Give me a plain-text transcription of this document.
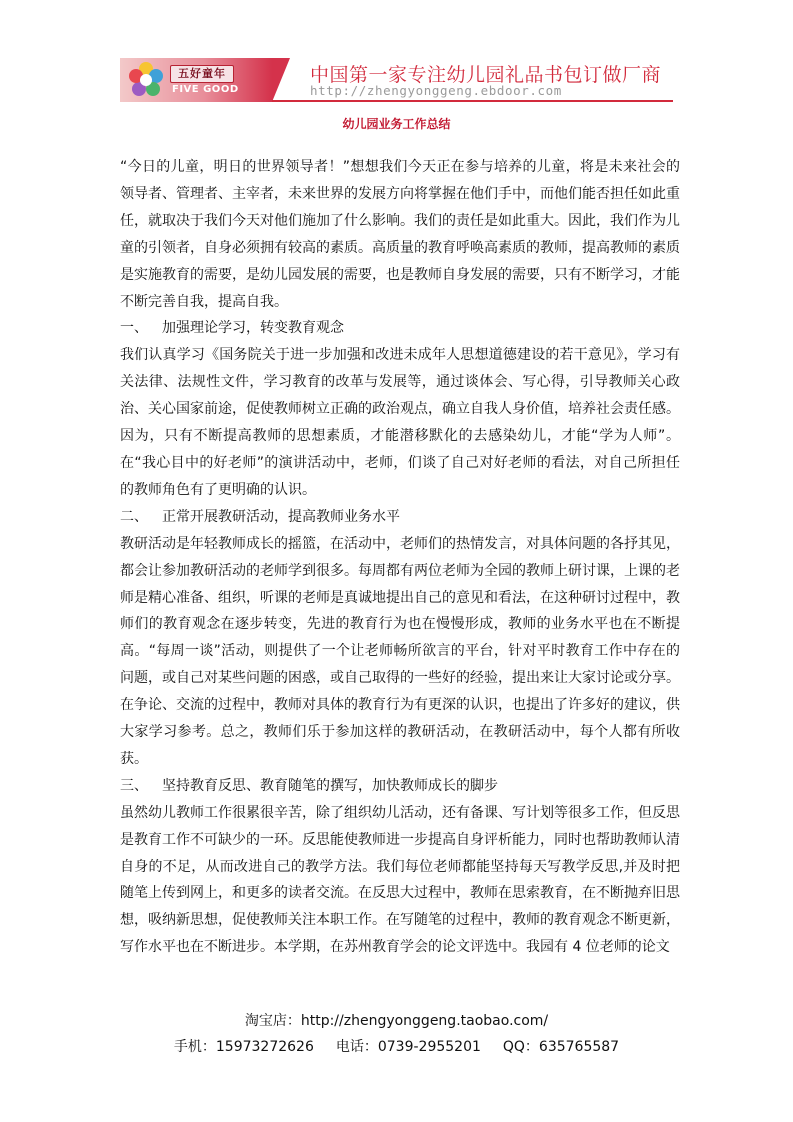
五好童年
FIVE GOOD
中国第一家专注幼儿园礼品书包订做厂商
http://zhengyonggeng.ebdoor.com
幼儿园业务工作总结

“今日的儿童，明日的世界领导者！”想想我们今天正在参与培养的儿童，将是未来社会的领导者、管理者、主宰者，未来世界的发展方向将掌握在他们手中，而他们能否担任如此重任，就取决于我们今天对他们施加了什么影响。我们的责任是如此重大。因此，我们作为儿童的引领者，自身必须拥有较高的素质。高质量的教育呼唤高素质的教师，提高教师的素质是实施教育的需要，是幼儿园发展的需要，也是教师自身发展的需要，只有不断学习，才能不断完善自我，提高自我。

一、 加强理论学习，转变教育观念

我们认真学习《国务院关于进一步加强和改进未成年人思想道德建设的若干意见》，学习有关法律、法规性文件，学习教育的改革与发展等，通过谈体会、写心得，引导教师关心政治、关心国家前途，促使教师树立正确的政治观点，确立自我人身价值，培养社会责任感。因为，只有不断提高教师的思想素质，才能潜移默化的去感染幼儿，才能“学为人师”。 在“我心目中的好老师”的演讲活动中，老师，们谈了自己对好老师的看法，对自己所担任的教师角色有了更明确的认识。

二、 正常开展教研活动，提高教师业务水平

教研活动是年轻教师成长的摇篮，在活动中，老师们的热情发言，对具体问题的各抒其见，都会让参加教研活动的老师学到很多。每周都有两位老师为全园的教师上研讨课，上课的老师是精心准备、组织，听课的老师是真诚地提出自己的意见和看法，在这种研讨过程中，教师们的教育观念在逐步转变，先进的教育行为也在慢慢形成，教师的业务水平也在不断提高。“每周一谈”活动，则提供了一个让老师畅所欲言的平台，针对平时教育工作中存在的问题，或自己对某些问题的困惑，或自己取得的一些好的经验，提出来让大家讨论或分享。在争论、交流的过程中，教师对具体的教育行为有更深的认识，也提出了许多好的建议，供大家学习参考。总之，教师们乐于参加这样的教研活动，在教研活动中，每个人都有所收获。

三、 坚持教育反思、教育随笔的撰写，加快教师成长的脚步

虽然幼儿教师工作很累很辛苦，除了组织幼儿活动，还有备课、写计划等很多工作，但反思是教育工作不可缺少的一环。反思能使教师进一步提高自身评析能力，同时也帮助教师认清自身的不足，从而改进自己的教学方法。我们每位老师都能坚持每天写教学反思,并及时把随笔上传到网上，和更多的读者交流。在反思大过程中，教师在思索教育，在不断抛弃旧思想，吸纳新思想，促使教师关注本职工作。在写随笔的过程中，教师的教育观念不断更新，写作水平也在不断进步。本学期，在苏州教育学会的论文评选中。我园有 4 位老师的论文

淘宝店：http://zhengyonggeng.taobao.com/
手机：15973272626 电话：0739-2955201 QQ：635765587
